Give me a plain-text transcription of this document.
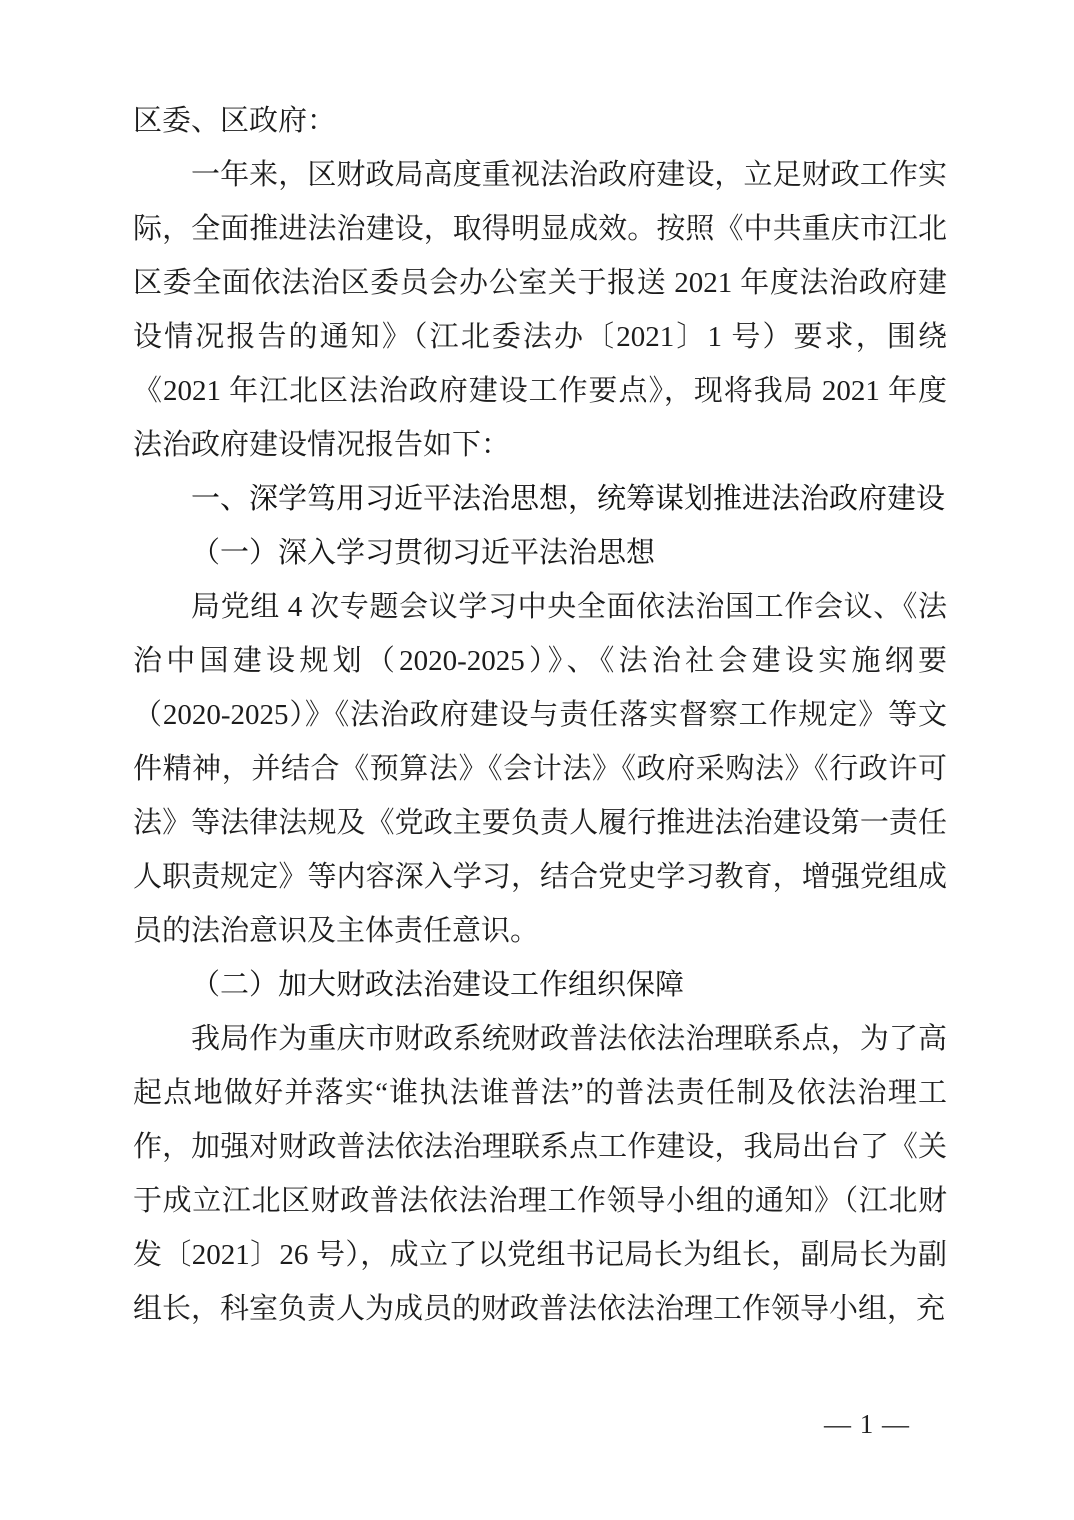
区委、区政府：

一年来，区财政局高度重视法治政府建设，立足财政工作实际，全面推进法治建设，取得明显成效。按照《中共重庆市江北区委全面依法治区委员会办公室关于报送 2021 年度法治政府建设情况报告的通知》（江北委法办〔2021〕1 号）要求，围绕《2021 年江北区法治政府建设工作要点》，现将我局 2021 年度法治政府建设情况报告如下：

一、深学笃用习近平法治思想，统筹谋划推进法治政府建设
（一）深入学习贯彻习近平法治思想

局党组 4 次专题会议学习中央全面依法治国工作会议、《法治中国建设规划（2020-2025）》、《法治社会建设实施纲要（2020-2025）》《法治政府建设与责任落实督察工作规定》等文件精神，并结合《预算法》《会计法》《政府采购法》《行政许可法》等法律法规及《党政主要负责人履行推进法治建设第一责任人职责规定》等内容深入学习，结合党史学习教育，增强党组成员的法治意识及主体责任意识。

（二）加大财政法治建设工作组织保障

我局作为重庆市财政系统财政普法依法治理联系点，为了高起点地做好并落实“谁执法谁普法”的普法责任制及依法治理工作，加强对财政普法依法治理联系点工作建设，我局出台了《关于成立江北区财政普法依法治理工作领导小组的通知》（江北财发〔2021〕26 号），成立了以党组书记局长为组长，副局长为副组长，科室负责人为成员的财政普法依法治理工作领导小组，充

— 1 —
